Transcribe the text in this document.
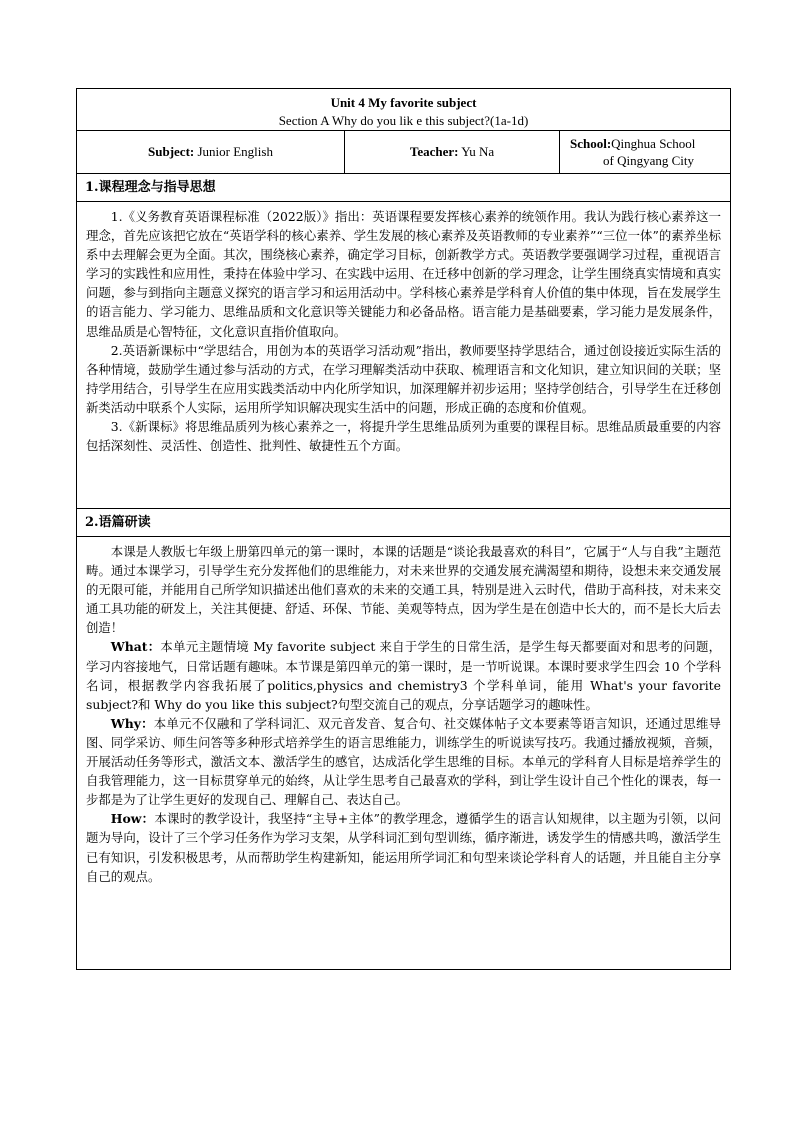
Unit 4 My favorite subject
Section A Why do you lik e this subject?(1a-1d)
Subject: Junior English	Teacher: Yu Na
School:Qinghua School
of Qingyang City
1.课程理念与指导思想

1.《义务教育英语课程标准（2022版）》指出：英语课程要发挥核心素养的统领作用。我认为践行核心素养这一理念，首先应该把它放在“英语学科的核心素养、学生发展的核心素养及英语教师的专业素养”“三位一体”的素养坐标系中去理解会更为全面。其次，围绕核心素养，确定学习目标，创新教学方式。英语教学要强调学习过程，重视语言学习的实践性和应用性，秉持在体验中学习、在实践中运用、在迁移中创新的学习理念，让学生围绕真实情境和真实问题，参与到指向主题意义探究的语言学习和运用活动中。学科核心素养是学科育人价值的集中体现，旨在发展学生的语言能力、学习能力、思维品质和文化意识等关键能力和必备品格。语言能力是基础要素，学习能力是发展条件，思维品质是心智特征，文化意识直指价值取向。

2.英语新课标中“学思结合，用创为本的英语学习活动观”指出，教师要坚持学思结合，通过创设接近实际生活的各种情境，鼓励学生通过参与活动的方式，在学习理解类活动中获取、梳理语言和文化知识，建立知识间的关联；坚持学用结合，引导学生在应用实践类活动中内化所学知识，加深理解并初步运用；坚持学创结合，引导学生在迁移创新类活动中联系个人实际，运用所学知识解决现实生活中的问题，形成正确的态度和价值观。

3.《新课标》将思维品质列为核心素养之一，将提升学生思维品质列为重要的课程目标。思维品质最重要的内容包括深刻性、灵活性、创造性、批判性、敏捷性五个方面。

2.语篇研读

本课是人教版七年级上册第四单元的第一课时，本课的话题是“谈论我最喜欢的科目”，它属于“人与自我”主题范畴。通过本课学习，引导学生充分发挥他们的思维能力，对未来世界的交通发展充满渴望和期待，设想未来交通发展的无限可能，并能用自己所学知识描述出他们喜欢的未来的交通工具，特别是进入云时代，借助于高科技，对未来交通工具功能的研发上，关注其便捷、舒适、环保、节能、美观等特点，因为学生是在创造中长大的，而不是长大后去创造！

What：本单元主题情境 My favorite subject 来自于学生的日常生活，是学生每天都要面对和思考的问题，学习内容接地气，日常话题有趣味。本节课是第四单元的第一课时，是一节听说课。本课时要求学生四会 10 个学科名词，根据教学内容我拓展了politics,physics and chemistry3 个学科单词，能用 What's your favorite subject?和 Why do you like this subject?句型交流自己的观点，分享话题学习的趣味性。

Why：本单元不仅融和了学科词汇、双元音发音、复合句、社交媒体帖子文本要素等语言知识，还通过思维导图、同学采访、师生问答等多种形式培养学生的语言思维能力，训练学生的听说读写技巧。我通过播放视频，音频，开展活动任务等形式，激活文本、激活学生的感官，达成活化学生思维的目标。本单元的学科育人目标是培养学生的自我管理能力，这一目标贯穿单元的始终，从让学生思考自己最喜欢的学科，到让学生设计自己个性化的课表，每一步都是为了让学生更好的发现自己、理解自己、表达自己。

How：本课时的教学设计，我坚持“主导+主体”的教学理念，遵循学生的语言认知规律，以主题为引领，以问题为导向，设计了三个学习任务作为学习支架，从学科词汇到句型训练，循序渐进，诱发学生的情感共鸣，激活学生已有知识，引发积极思考，从而帮助学生构建新知，能运用所学词汇和句型来谈论学科育人的话题，并且能自主分享自己的观点。
